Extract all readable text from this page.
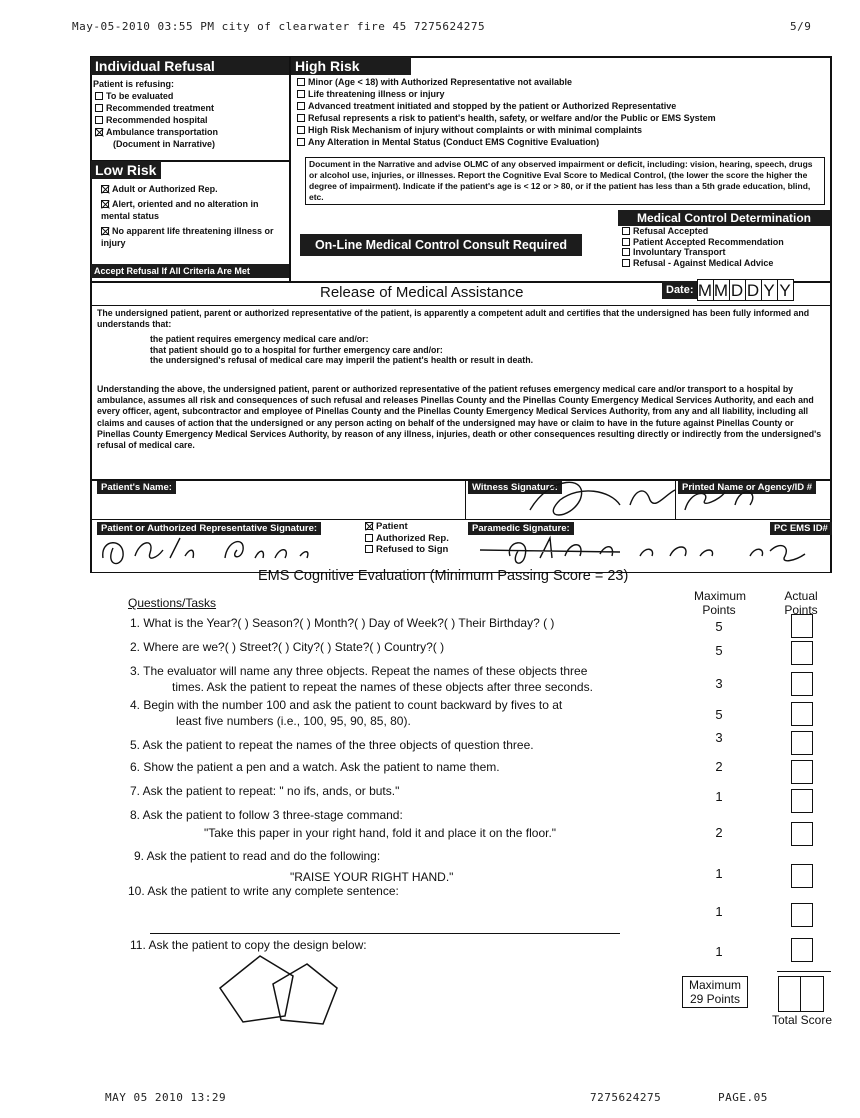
May-05-2010 03:55 PM city of clearwater fire 45 7275624275	5/9
Individual Refusal
Patient is refusing:
To be evaluated
Recommended treatment
Recommended hospital
Ambulance transportation
(Document in Narrative)
High Risk
Minor (Age < 18) with Authorized Representative not available
Life threatening illness or injury
Advanced treatment initiated and stopped by the patient or Authorized Representative
Refusal represents a risk to patient's health, safety, or welfare and/or the Public or EMS System
High Risk Mechanism of injury without complaints or with minimal complaints
Any Alteration in Mental Status (Conduct EMS Cognitive Evaluation)
Document in the Narrative and advise OLMC of any observed impairment or deficit, including: vision, hearing, speech, drugs or alcohol use, injuries, or illnesses. Report the Cognitive Eval Score to Medical Control, (the lower the score the higher the degree of impairment). Indicate if the patient's age is < 12 or > 80, or if the patient has less than a 5th grade education, blind, etc.
Low Risk
Adult or Authorized Rep.
Alert, oriented and no alteration in mental status
No apparent life threatening illness or injury
Accept Refusal If All Criteria Are Met
On-Line Medical Control Consult Required
Medical Control Determination
Refusal Accepted
Patient Accepted Recommendation
Involuntary Transport
Refusal - Against Medical Advice
Release of Medical Assistance	Date: M M D D Y Y
The undersigned patient, parent or authorized representative of the patient, is apparently a competent adult and certifies that the undersigned has been fully informed and understands that:
the patient requires emergency medical care and/or:
that patient should go to a hospital for further emergency care and/or:
the undersigned's refusal of medical care may imperil the patient's health or result in death.
Understanding the above, the undersigned patient, parent or authorized representative of the patient refuses emergency medical care and/or transport to a hospital by ambulance, assumes all risk and consequences of such refusal and releases Pinellas County and the Pinellas County Emergency Medical Services Authority, and each and every officer, agent, subcontractor and employee of Pinellas County and the Pinellas County Emergency Medical Services Authority, from any and all liability, including all claims and causes of action that the undersigned or any person acting on behalf of the undersigned may have or claim to have in the future against Pinellas County or Pinellas County Emergency Medical Services Authority, by reason of any illness, injuries, death or other consequences resulting directly or indirectly from the undersigned's refusal of medical care.
Patient's Name:	Witness Signature:	Printed Name or Agency/ID #
Patient or Authorized Representative Signature:	Patient
Authorized Rep.
Refused to Sign
Paramedic Signature:	PC EMS ID#
EMS Cognitive Evaluation (Minimum Passing Score = 23)
Questions/Tasks	Maximum Points
Actual Points
1. What is the Year?( ) Season?( ) Month?( ) Day of Week?( ) Their Birthday? ( )	5
2. Where are we?( ) Street?( ) City?( ) State?( ) Country?( )	5
3. The evaluator will name any three objects. Repeat the names of these objects three
times. Ask the patient to repeat the names of these objects after three seconds.	3
4. Begin with the number 100 and ask the patient to count backward by fives to at
least five numbers (i.e., 100, 95, 90, 85, 80).	5
5. Ask the patient to repeat the names of the three objects of question three.	3
6. Show the patient a pen and a watch. Ask the patient to name them.	2
7. Ask the patient to repeat: " no ifs, ands, or buts."	1
8. Ask the patient to follow 3 three-stage command:
"Take this paper in your right hand, fold it and place it on the floor."	2
9. Ask the patient to read and do the following:
"RAISE YOUR RIGHT HAND."	1
10. Ask the patient to write any complete sentence:
1
11. Ask the patient to copy the design below:	1
Maximum 29 Points
Total Score
MAY 05 2010 13:29	7275624275	PAGE.05
